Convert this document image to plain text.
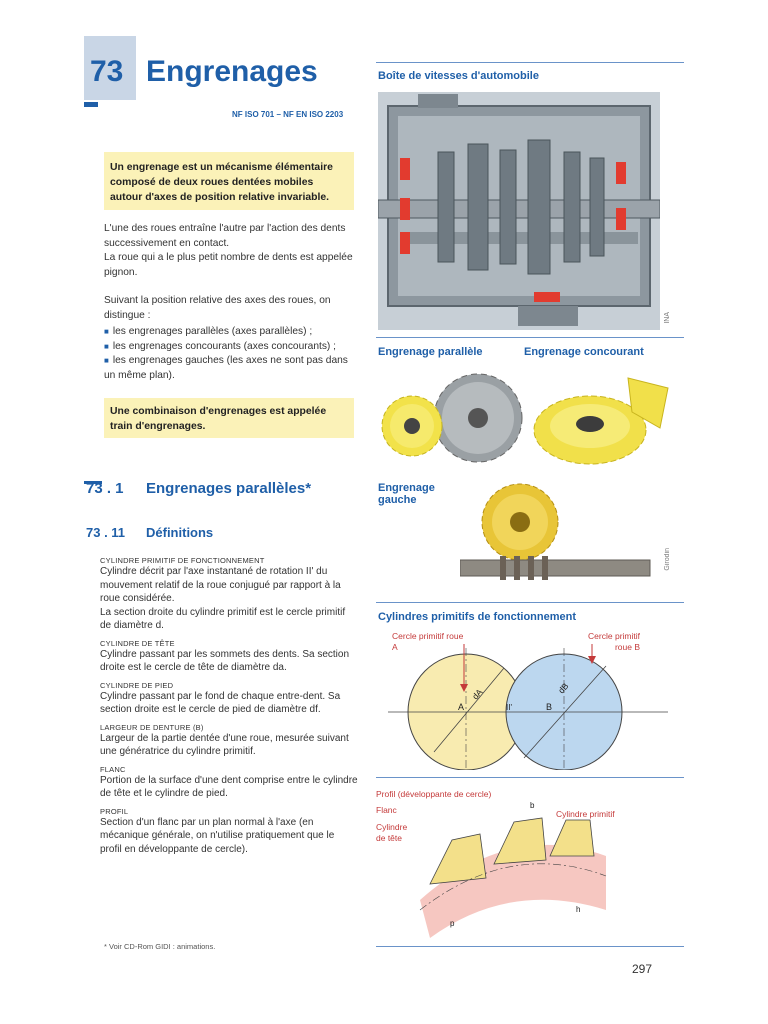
73 Engrenages
NF ISO 701 – NF EN ISO 2203

Un engrenage est un mécanisme élémentaire composé de deux roues dentées mobiles autour d'axes de position relative invariable.

L'une des roues entraîne l'autre par l'action des dents successivement en contact.
La roue qui a le plus petit nombre de dents est appelée pignon.
Suivant la position relative des axes des roues, on distingue :
■ les engrenages parallèles (axes parallèles) ;
■ les engrenages concourants (axes concourants) ;
■ les engrenages gauches (les axes ne sont pas dans un même plan).

Une combinaison d'engrenages est appelée train d'engrenages.

73 . 1 Engrenages parallèles*
73 . 11 Définitions
CYLINDRE PRIMITIF DE FONCTIONNEMENT
Cylindre décrit par l'axe instantané de rotation II' du mouvement relatif de la roue conjugué par rapport à la roue considérée.
La section droite du cylindre primitif est le cercle primitif de diamètre d.
CYLINDRE DE TÊTE
Cylindre passant par les sommets des dents. Sa section droite est le cercle de tête de diamètre da.
CYLINDRE DE PIED
Cylindre passant par le fond de chaque entre-dent. Sa section droite est le cercle de pied de diamètre df.
LARGEUR DE DENTURE (B)
Largeur de la partie dentée d'une roue, mesurée suivant une génératrice du cylindre primitif.
FLANC
Portion de la surface d'une dent comprise entre le cylindre de tête et le cylindre de pied.
PROFIL
Section d'un flanc par un plan normal à l'axe (en mécanique générale, on n'utilise pratiquement que le profil en développante de cercle).
* Voir CD-Rom GIDI : animations.
Boîte de vitesses d'automobile
INA
Engrenage parallèle	Engrenage concourant
Engrenage gauche
Girodin
Cylindres primitifs de fonctionnement
A
dA
B
dB
II'
Cercle primitif roue A
Cercle primitif roue B
p
h
b
Profil (développante de cercle)
Flanc
Cylindre de tête
Cylindre primitif
297
